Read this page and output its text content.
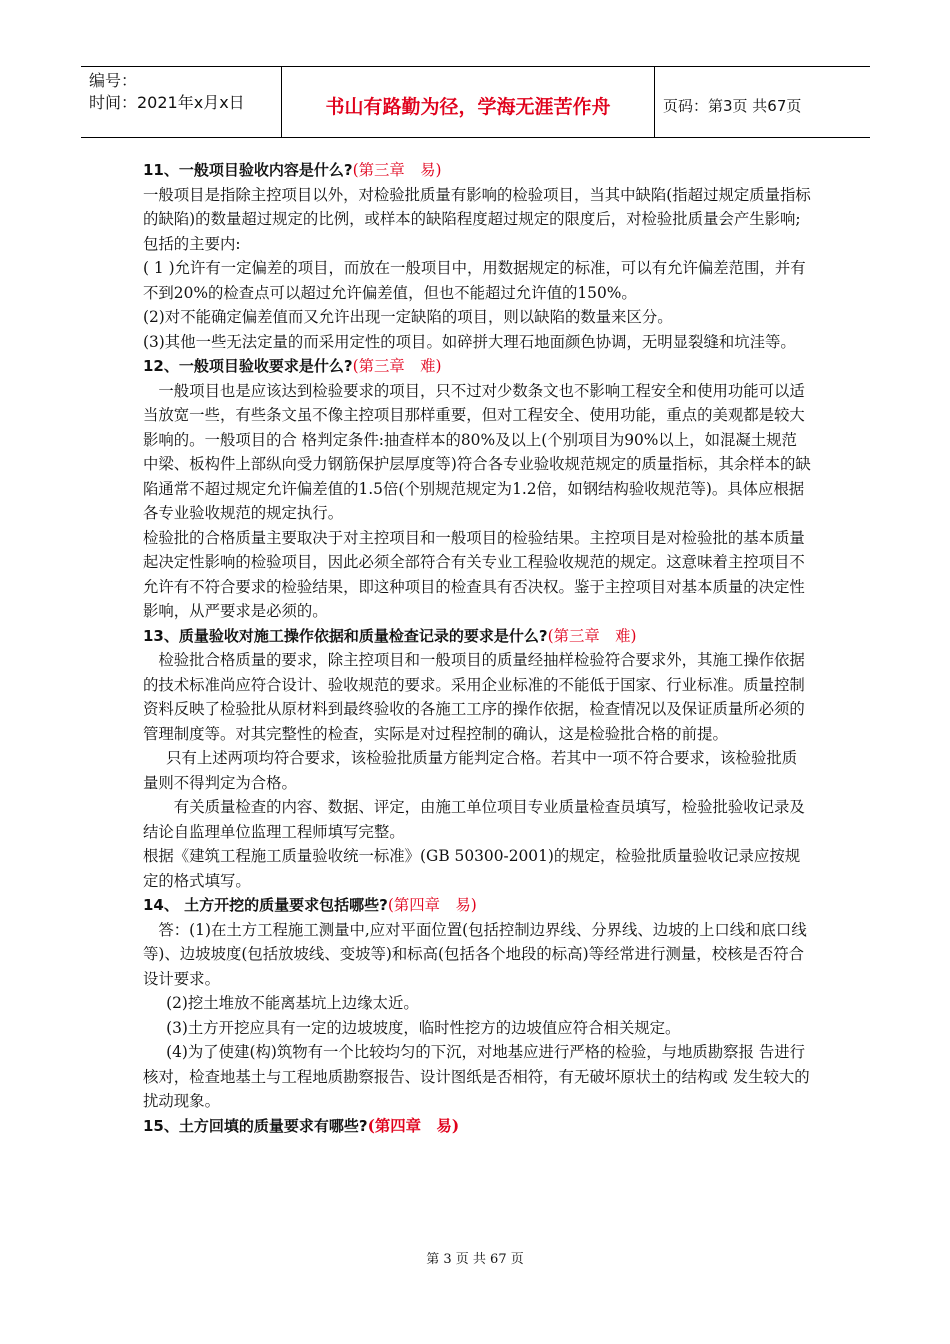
编号：
时间：2021年x月x日	书山有路勤为径，学海无涯苦作舟	页码：第3页 共67页

11、一般项目验收内容是什么?(第三章　易)

一般项目是指除主控项目以外，对检验批质量有影响的检验项目，当其中缺陷(指超过规定质量指标的缺陷)的数量超过规定的比例，或样本的缺陷程度超过规定的限度后，对检验批质量会产生影响;包括的主要内:

( 1 )允许有一定偏差的项目，而放在一般项目中，用数据规定的标准，可以有允许偏差范围，并有不到20%的检查点可以超过允许偏差值，但也不能超过允许值的150%。

(2)对不能确定偏差值而又允许出现一定缺陷的项目，则以缺陷的数量来区分。

(3)其他一些无法定量的而采用定性的项目。如碎拼大理石地面颜色协调，无明显裂缝和坑洼等。

12、一般项目验收要求是什么?(第三章　难)

一般项目也是应该达到检验要求的项目，只不过对少数条文也不影响工程安全和使用功能可以适当放宽一些，有些条文虽不像主控项目那样重要，但对工程安全、使用功能，重点的美观都是较大影响的。一般项目的合 格判定条件:抽查样本的80%及以上(个别项目为90%以上，如混凝土规范中梁、板构件上部纵向受力钢筋保护层厚度等)符合各专业验收规范规定的质量指标，其余样本的缺陷通常不超过规定允许偏差值的1.5倍(个别规范规定为1.2倍，如钢结构验收规范等)。具体应根据各专业验收规范的规定执行。

检验批的合格质量主要取决于对主控项目和一般项目的检验结果。主控项目是对检验批的基本质量起决定性影响的检验项目，因此必须全部符合有关专业工程验收规范的规定。这意味着主控项目不允许有不符合要求的检验结果，即这种项目的检查具有否决权。鉴于主控项目对基本质量的决定性影响，从严要求是必须的。

13、质量验收对施工操作依据和质量检查记录的要求是什么?(第三章　难)

检验批合格质量的要求，除主控项目和一般项目的质量经抽样检验符合要求外，其施工操作依据的技术标准尚应符合设计、验收规范的要求。采用企业标准的不能低于国家、行业标准。质量控制资料反映了检验批从原材料到最终验收的各施工工序的操作依据，检查情况以及保证质量所必须的管理制度等。对其完整性的检查，实际是对过程控制的确认，这是检验批合格的前提。

只有上述两项均符合要求，该检验批质量方能判定合格。若其中一项不符合要求，该检验批质量则不得判定为合格。

有关质量检查的内容、数据、评定，由施工单位项目专业质量检查员填写，检验批验收记录及结论自监理单位监理工程师填写完整。

根据《建筑工程施工质量验收统一标准》(GB 50300-2001)的规定，检验批质量验收记录应按规定的格式填写。

14、 土方开挖的质量要求包括哪些?(第四章　易)

答：(1)在土方工程施工测量中,应对平面位置(包括控制边界线、分界线、边坡的上口线和底口线等)、边坡坡度(包括放坡线、变坡等)和标高(包括各个地段的标高)等经常进行测量，校核是否符合设计要求。

(2)挖土堆放不能离基坑上边缘太近。

(3)土方开挖应具有一定的边坡坡度，临时性挖方的边坡值应符合相关规定。

(4)为了使建(构)筑物有一个比较均匀的下沉，对地基应进行严格的检验，与地质勘察报 告进行核对，检查地基土与工程地质勘察报告、设计图纸是否相符，有无破坏原状土的结构或 发生较大的扰动现象。

15、土方回填的质量要求有哪些?(第四章　易)

第 3 页 共 67 页
